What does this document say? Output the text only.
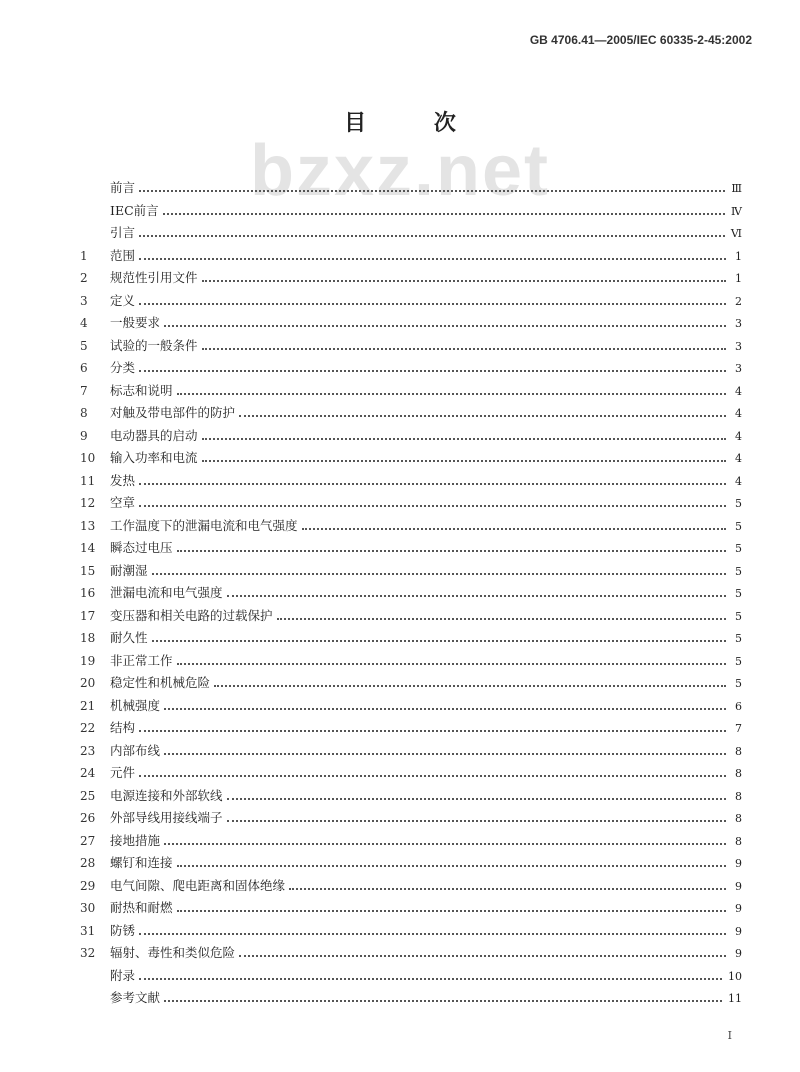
GB 4706.41—2005/IEC 60335-2-45:2002
bzxz.net
目 次
前言	Ⅲ
IEC前言	Ⅳ
引言	Ⅵ
1	范围	1
2	规范性引用文件	1
3	定义	2
4	一般要求	3
5	试验的一般条件	3
6	分类	3
7	标志和说明	4
8	对触及带电部件的防护	4
9	电动器具的启动	4
10	输入功率和电流	4
11	发热	4
12	空章	5
13	工作温度下的泄漏电流和电气强度	5
14	瞬态过电压	5
15	耐潮湿	5
16	泄漏电流和电气强度	5
17	变压器和相关电路的过载保护	5
18	耐久性	5
19	非正常工作	5
20	稳定性和机械危险	5
21	机械强度	6
22	结构	7
23	内部布线	8
24	元件	8
25	电源连接和外部软线	8
26	外部导线用接线端子	8
27	接地措施	8
28	螺钉和连接	9
29	电气间隙、爬电距离和固体绝缘	9
30	耐热和耐燃	9
31	防锈	9
32	辐射、毒性和类似危险	9
附录	10
参考文献	11
I
